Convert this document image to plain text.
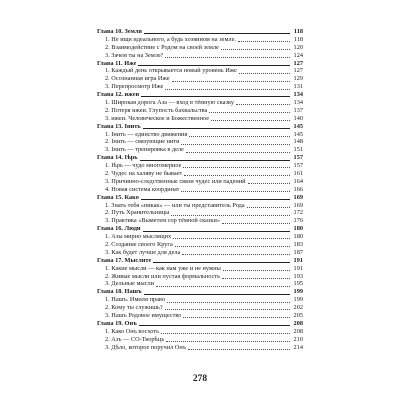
Глава 10. Земля	118
1. Не ищи идеального, а будь хозяином на земле.	118
2. Взаимодействие с Родом на своей земле	120
3. Зачем ты на Земле?	124
Глава 11. Иже	127
1. Каждый день открывается новый уровень Иже	127
2. Осознанная игра Иже	129
3. Перепросмотр Иже	131
Глава 12. ижеи	134
1. Широкая дорога Аза — вход в тёмную сказку	134
2. Потеря ижеи. Глупость бахвальства	137
3. ижеи. Человеческое и Божественное	140
Глава 13. Iнить	145
1. Iнить — единство движения	145
2. Iнить — связующие нити	148
3. Iнить — тренировка в деле	151
Глава 14. Iѣрь	157
1. Iѣрь — чудо многомерное	157
2. Чудес на халяву не бывает	161
3. Причинно-следственные связи чудес или падений	164
4. Новая система координат	166
Глава 15. Како	169
1. Знать тебя «никак» — или ты представитель Рода	169
2. Путь Хранительницы	172
3. Практика «Выметем сор тёмной сказки»	176
Глава 16. Люди	180
1. Азы мирно мыслящих	180
2. Создание своего Круга	183
3. Как будет лучше для дела	187
Глава 17. Мыслите	191
1. Какие мысли — как нам уже и не нужны	191
2. Живые мысли или пустая формальность	193
3. Дельные мысли	195
Глава 18. Нашъ	199
1. Нашъ. Имеем право	199
2. Кому ты служишь?	202
3. Нашъ Родовое имущество	205
Глава 19. Онъ	208
1. Како Онъ восхоть	208
2. Азъ — СО-Творѣць	210
3. Дѣло, которое поручил Онъ	214
278
